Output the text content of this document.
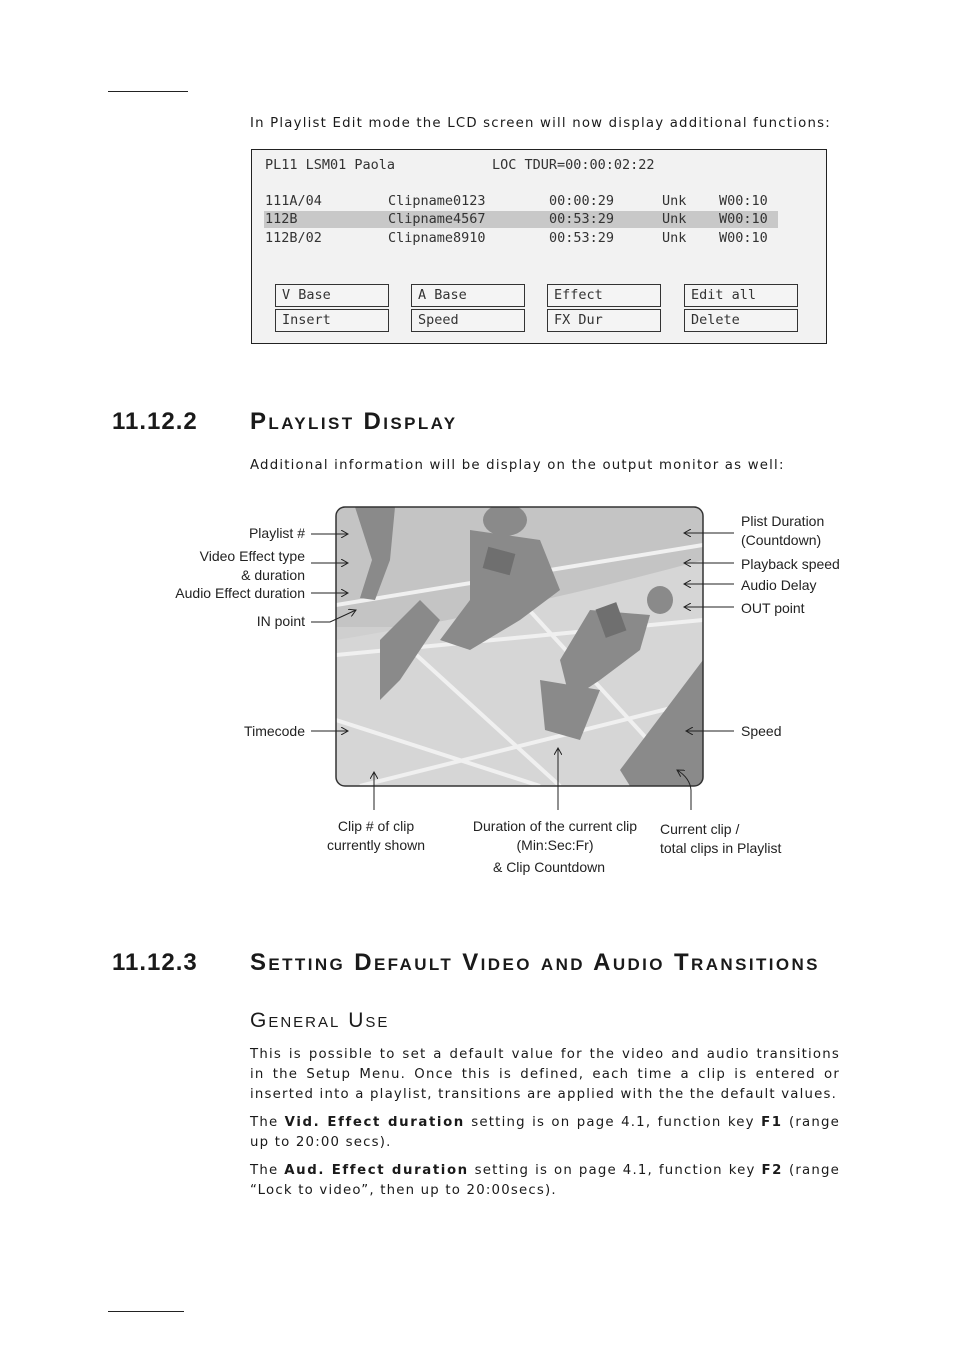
In Playlist Edit mode the LCD screen will now display additional functions:

PL11 LSM01 Paola	LOC TDUR=00:00:02:22
111A/04	Clipname0123	00:00:29	Unk W00:10
112B	Clipname4567	00:53:29	Unk W00:10
112B/02	Clipname8910	00:53:29	Unk W00:10
V Base	A Base	Effect	Edit all
Insert	Speed	FX Dur	Delete
11.12.2 Playlist Display

Additional information will be display on the output monitor as well:

Playlist #
Video Effect type
& duration
Audio Effect duration
IN point
Timecode
Plist Duration
(Countdown)
Playback speed
Audio Delay
OUT point
Speed
Clip # of clip
currently shown
Duration of the current clip
(Min:Sec:Fr)
& Clip Countdown
Current clip /
total clips in Playlist
11.12.3 Setting Default Video and Audio Transitions
General Use

This is possible to set a default value for the video and audio transitions in the Setup Menu. Once this is defined, each time a clip is entered or inserted into a playlist, transitions are applied with the the default values.

The Vid. Effect duration setting is on page 4.1, function key F1 (range up to 20:00 secs).

The Aud. Effect duration setting is on page 4.1, function key F2 (range “Lock to video”, then up to 20:00secs).
